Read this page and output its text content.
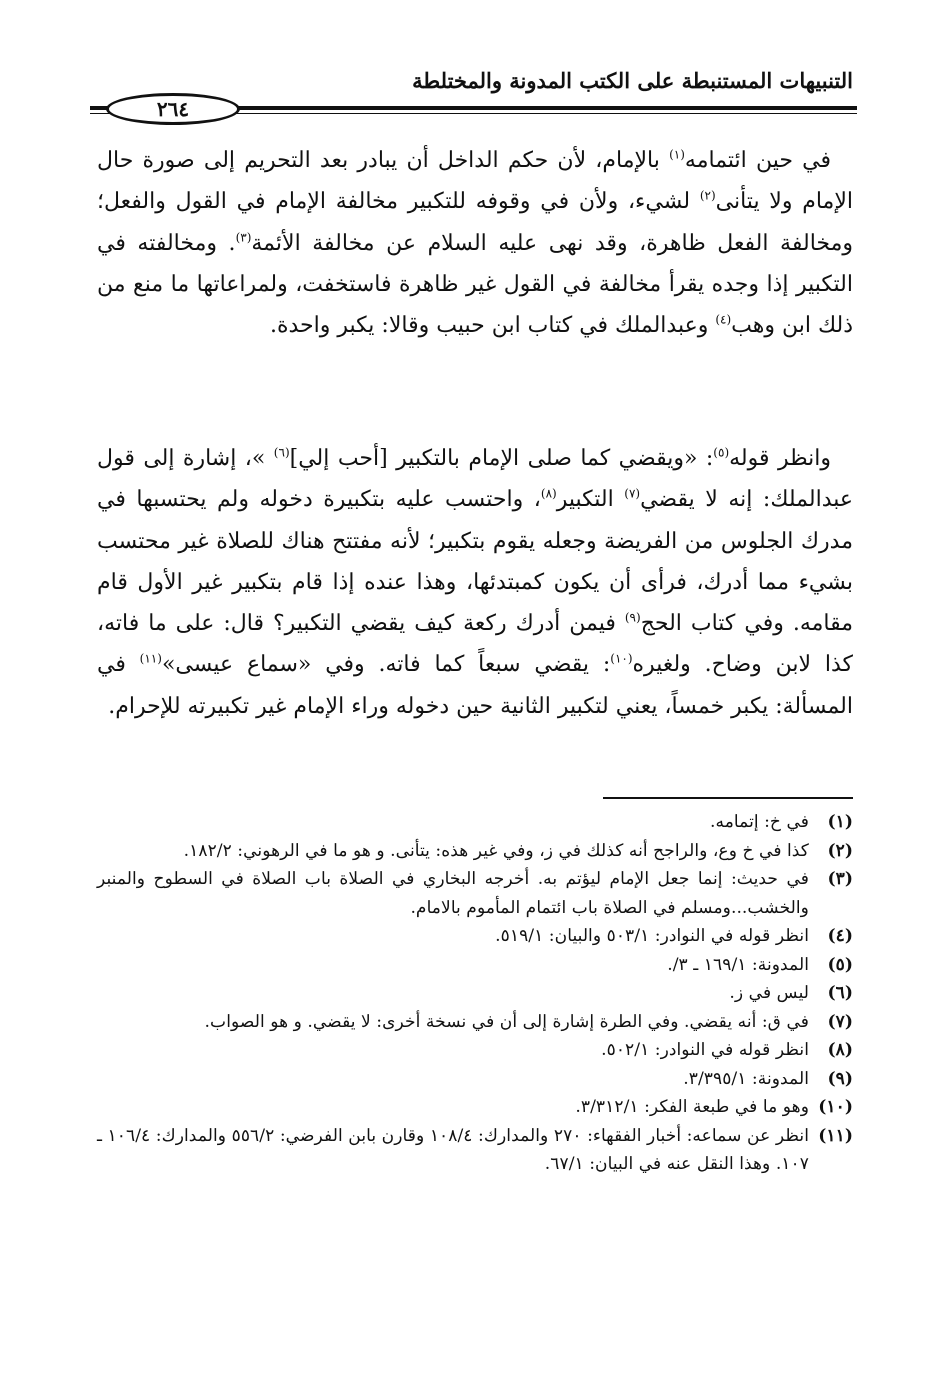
التنبيهات المستنبطة على الكتب المدونة والمختلطة
٢٦٤

في حين ائتمامه$^{(١)}$ بالإمام، لأن حكم الداخل أن يبادر بعد التحريم إلى صورة حال الإمام ولا يتأنى$^{(٢)}$ لشيء، ولأن في وقوفه للتكبير مخالفة الإمام في القول والفعل؛ ومخالفة الفعل ظاهرة، وقد نهى عليه السلام عن مخالفة الأئمة$^{(٣)}$. ومخالفته في التكبير إذا وجده يقرأ مخالفة في القول غير ظاهرة فاستخفت، ولمراعاتها ما منع من ذلك ابن وهب$^{(٤)}$ وعبدالملك في كتاب ابن حبيب وقالا: يكبر واحدة.

وانظر قوله$^{(٥)}$: «ويقضي كما صلى الإمام بالتكبير [أحب إلي]$^{(٦)}$ »، إشارة إلى قول عبدالملك: إنه لا يقضي$^{(٧)}$ التكبير$^{(٨)}$، واحتسب عليه بتكبيرة دخوله ولم يحتسبها في مدرك الجلوس من الفريضة وجعله يقوم بتكبير؛ لأنه مفتتح هناك للصلاة غير محتسب بشيء مما أدرك، فرأى أن يكون كمبتدئها، وهذا عنده إذا قام بتكبير غير الأول قام مقامه. وفي كتاب الحج$^{(٩)}$ فيمن أدرك ركعة كيف يقضي التكبير؟ قال: على ما فاته، كذا لابن وضاح. ولغيره$^{(١٠)}$: يقضي سبعاً كما فاته. وفي «سماع عيسى»$^{(١١)}$ في المسألة: يكبر خمساً، يعني لتكبير الثانية حين دخوله وراء الإمام غير تكبيرته للإحرام.

(١)
في خ: إتمامه.
(٢)
كذا في خ وع، والراجح أنه كذلك في ز، وفي غير هذه: يتأنى. و هو ما في الرهوني: ١٨٢/٢.
(٣)
في حديث: إنما جعل الإمام ليؤتم به. أخرجه البخاري في الصلاة باب الصلاة في السطوح والمنبر والخشب...ومسلم في الصلاة باب ائتمام المأموم بالامام.
(٤)
انظر قوله في النوادر: ٥٠٣/١ والبيان: ٥١٩/١.
(٥)
المدونة: ١٦٩/١ ـ ٣/.
(٦)
ليس في ز.
(٧)
في ق: أنه يقضي. وفي الطرة إشارة إلى أن في نسخة أخرى: لا يقضي. و هو الصواب.
(٨)
انظر قوله في النوادر: ٥٠٢/١.
(٩)
المدونة: ٣/٣٩٥/١.
(١٠)
وهو ما في طبعة الفكر: ٣/٣١٢/١.
(١١)
انظر عن سماعه: أخبار الفقهاء: ٢٧٠ والمدارك: ١٠٨/٤ وقارن بابن الفرضي: ٥٥٦/٢ والمدارك: ١٠٦/٤ ـ ١٠٧. وهذا النقل عنه في البيان: ٦٧/١.
